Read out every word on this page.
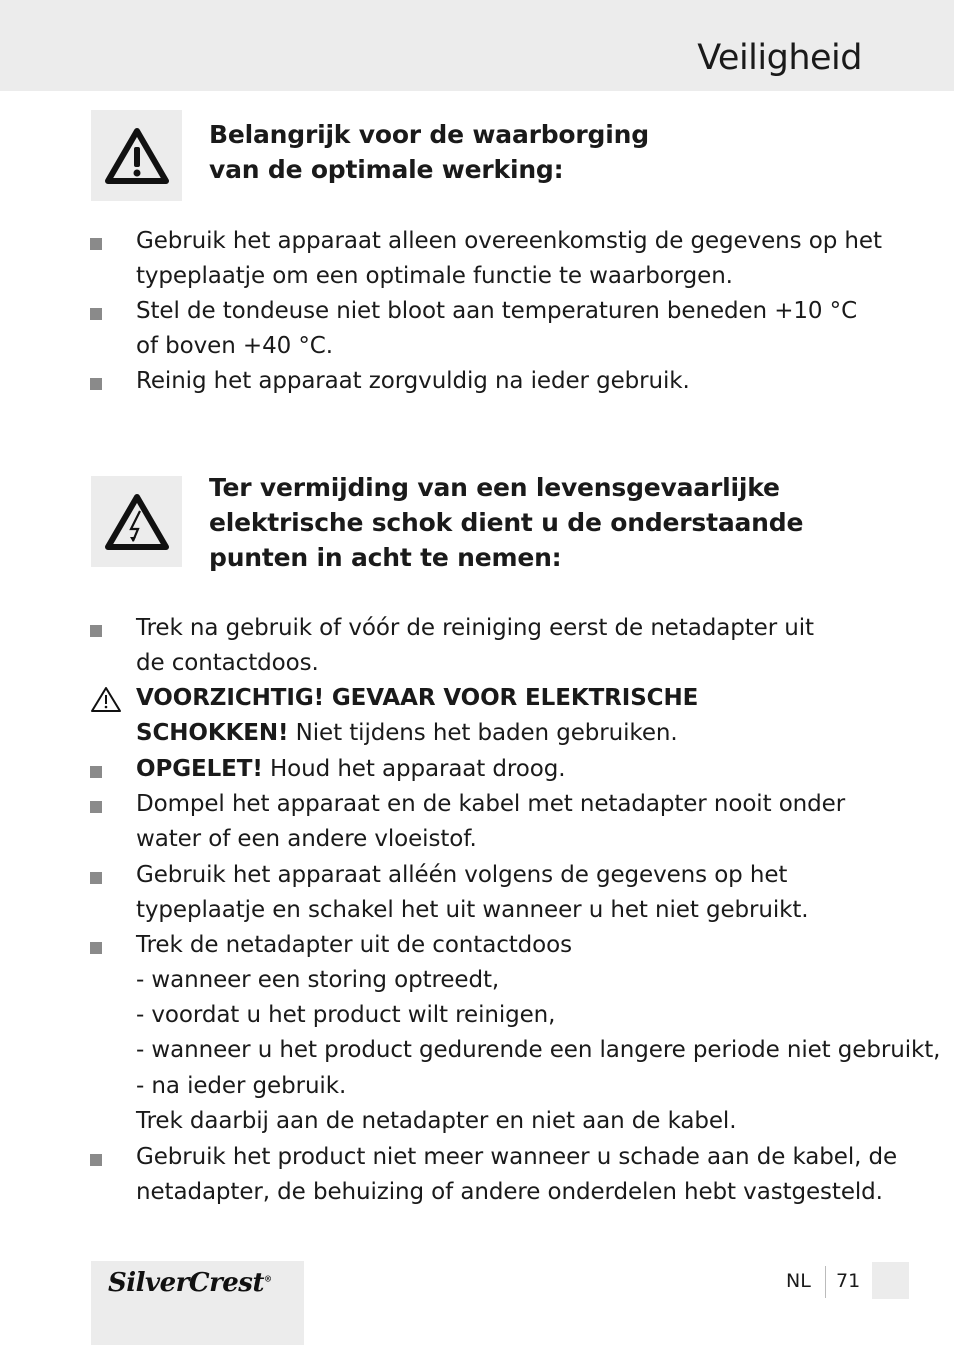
Veiligheid
Belangrijk voor de waarborging
van de optimale werking:
Gebruik het apparaat alleen overeenkomstig de gegevens op het
typeplaatje om een optimale functie te waarborgen.
Stel de tondeuse niet bloot aan temperaturen beneden +10 °C
of boven +40 °C.
Reinig het apparaat zorgvuldig na ieder gebruik.
Ter vermijding van een levensgevaarlijke
elektrische schok dient u de onderstaande
punten in acht te nemen:
Trek na gebruik of vóór de reiniging eerst de netadapter uit
de contactdoos.
VOORZICHTIG! GEVAAR VOOR ELEKTRISCHE
SCHOKKEN! Niet tijdens het baden gebruiken.
OPGELET! Houd het apparaat droog.
Dompel het apparaat en de kabel met netadapter nooit onder
water of een andere vloeistof.
Gebruik het apparaat alléén volgens de gegevens op het
typeplaatje en schakel het uit wanneer u het niet gebruikt.
Trek de netadapter uit de contactdoos
- wanneer een storing optreedt,
- voordat u het product wilt reinigen,
- wanneer u het product gedurende een langere periode niet gebruikt,
- na ieder gebruik.
Trek daarbij aan de netadapter en niet aan de kabel.
Gebruik het product niet meer wanneer u schade aan de kabel, de
netadapter, de behuizing of andere onderdelen hebt vastgesteld.
SilverCrest®	NL 71
